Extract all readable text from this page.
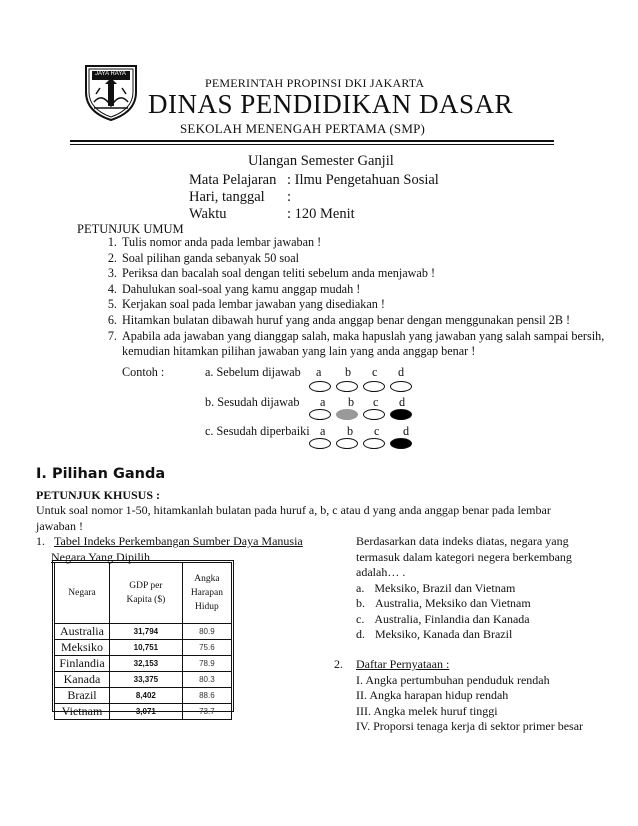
JAYA RAYA
PEMERINTAH PROPINSI DKI JAKARTA
DINAS PENDIDIKAN DASAR
SEKOLAH MENENGAH PERTAMA (SMP)
Ulangan Semester Ganjil
Mata Pelajaran : Ilmu Pengetahuan Sosial
Hari, tanggal :
Waktu	: 120 Menit
PETUNJUK UMUM
1. Tulis nomor anda pada lembar jawaban !
2. Soal pilihan ganda sebanyak 50 soal
3. Periksa dan bacalah soal dengan teliti sebelum anda menjawab !
4. Dahulukan soal-soal yang kamu anggap mudah !
5. Kerjakan soal pada lembar jawaban yang disediakan !
6. Hitamkan bulatan dibawah huruf yang anda anggap benar dengan menggunakan pensil 2B !
7. Apabila ada jawaban yang dianggap salah, maka hapuslah yang jawaban yang salah sampai bersih, kemudian hitamkan pilihan jawaban yang lain yang anda anggap benar !
Contoh :	a. Sebelum dijawab a b c d
b. Sesudah dijawab a b c d
c. Sesudah diperbaiki a b c d
I. Pilihan Ganda
PETUNJUK KHUSUS :
Untuk soal nomor 1-50, hitamkanlah bulatan pada huruf a, b, c atau d yang anda anggap benar pada lembar jawaban !
1. Tabel Indeks Perkembangan Sumber Daya Manusia
Negara Yang Dipilih
Negara	GDP per Kapita ($)	Angka Harapan Hidup
Australia	31,794	80.9
Meksiko	10,751	75.6
Finlandia	32,153	78.9
Kanada	33,375	80.3
Brazil	8,402	88.6
Vietnam	3,071	73.7
Berdasarkan data indeks diatas, negara yang
termasuk dalam kategori negera berkembang
adalah… .
a. Meksiko, Brazil dan Vietnam
b. Australia, Meksiko dan Vietnam
c. Australia, Finlandia dan Kanada
d. Meksiko, Kanada dan Brazil
2. Daftar Pernyataan :
I. Angka pertumbuhan penduduk rendah
II. Angka harapan hidup rendah
III. Angka melek huruf tinggi
IV. Proporsi tenaga kerja di sektor primer besar
